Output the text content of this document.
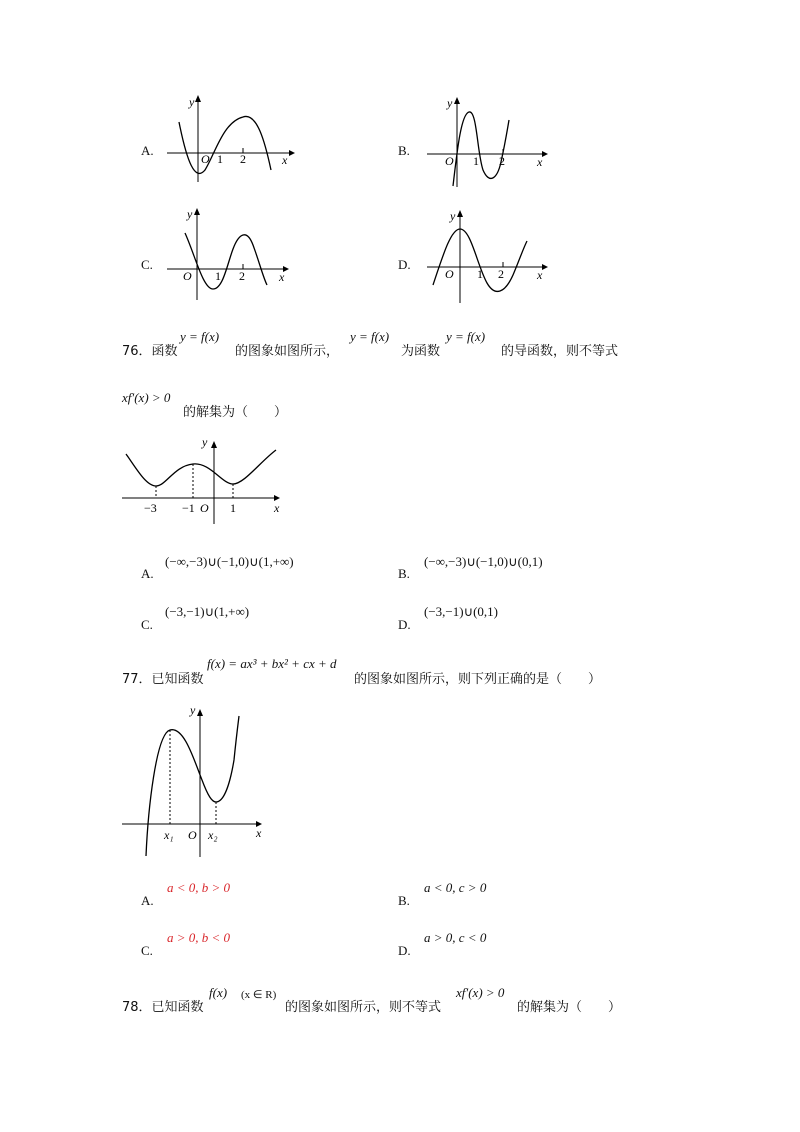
A.
y
O 1 2	x
B.
y
O 1 2	x
C.
y
O 1 2	x
D.
y
O 1 2	x
76．函数
y = f(x)
的图象如图所示，
y = f(x)
为函数
y = f(x)
的导函数，则不等式
xf′(x) > 0
的解集为（　　）
y
−3 −1 O 1	x
A.
(−∞,−3)∪(−1,0)∪(1,+∞)
B.
(−∞,−3)∪(−1,0)∪(0,1)
C.
(−3,−1)∪(1,+∞)
D.
(−3,−1)∪(0,1)
77．已知函数
f(x) = ax³ + bx² + cx + d
的图象如图所示，则下列正确的是（　　）
y
x₁ O x₂	x
A.
a < 0, b > 0
B.
a < 0, c > 0
C.
a > 0, b < 0
D.
a > 0, c < 0
78．已知函数
f(x) (x ∈ R)
的图象如图所示，则不等式
xf′(x) > 0
的解集为（　　）
